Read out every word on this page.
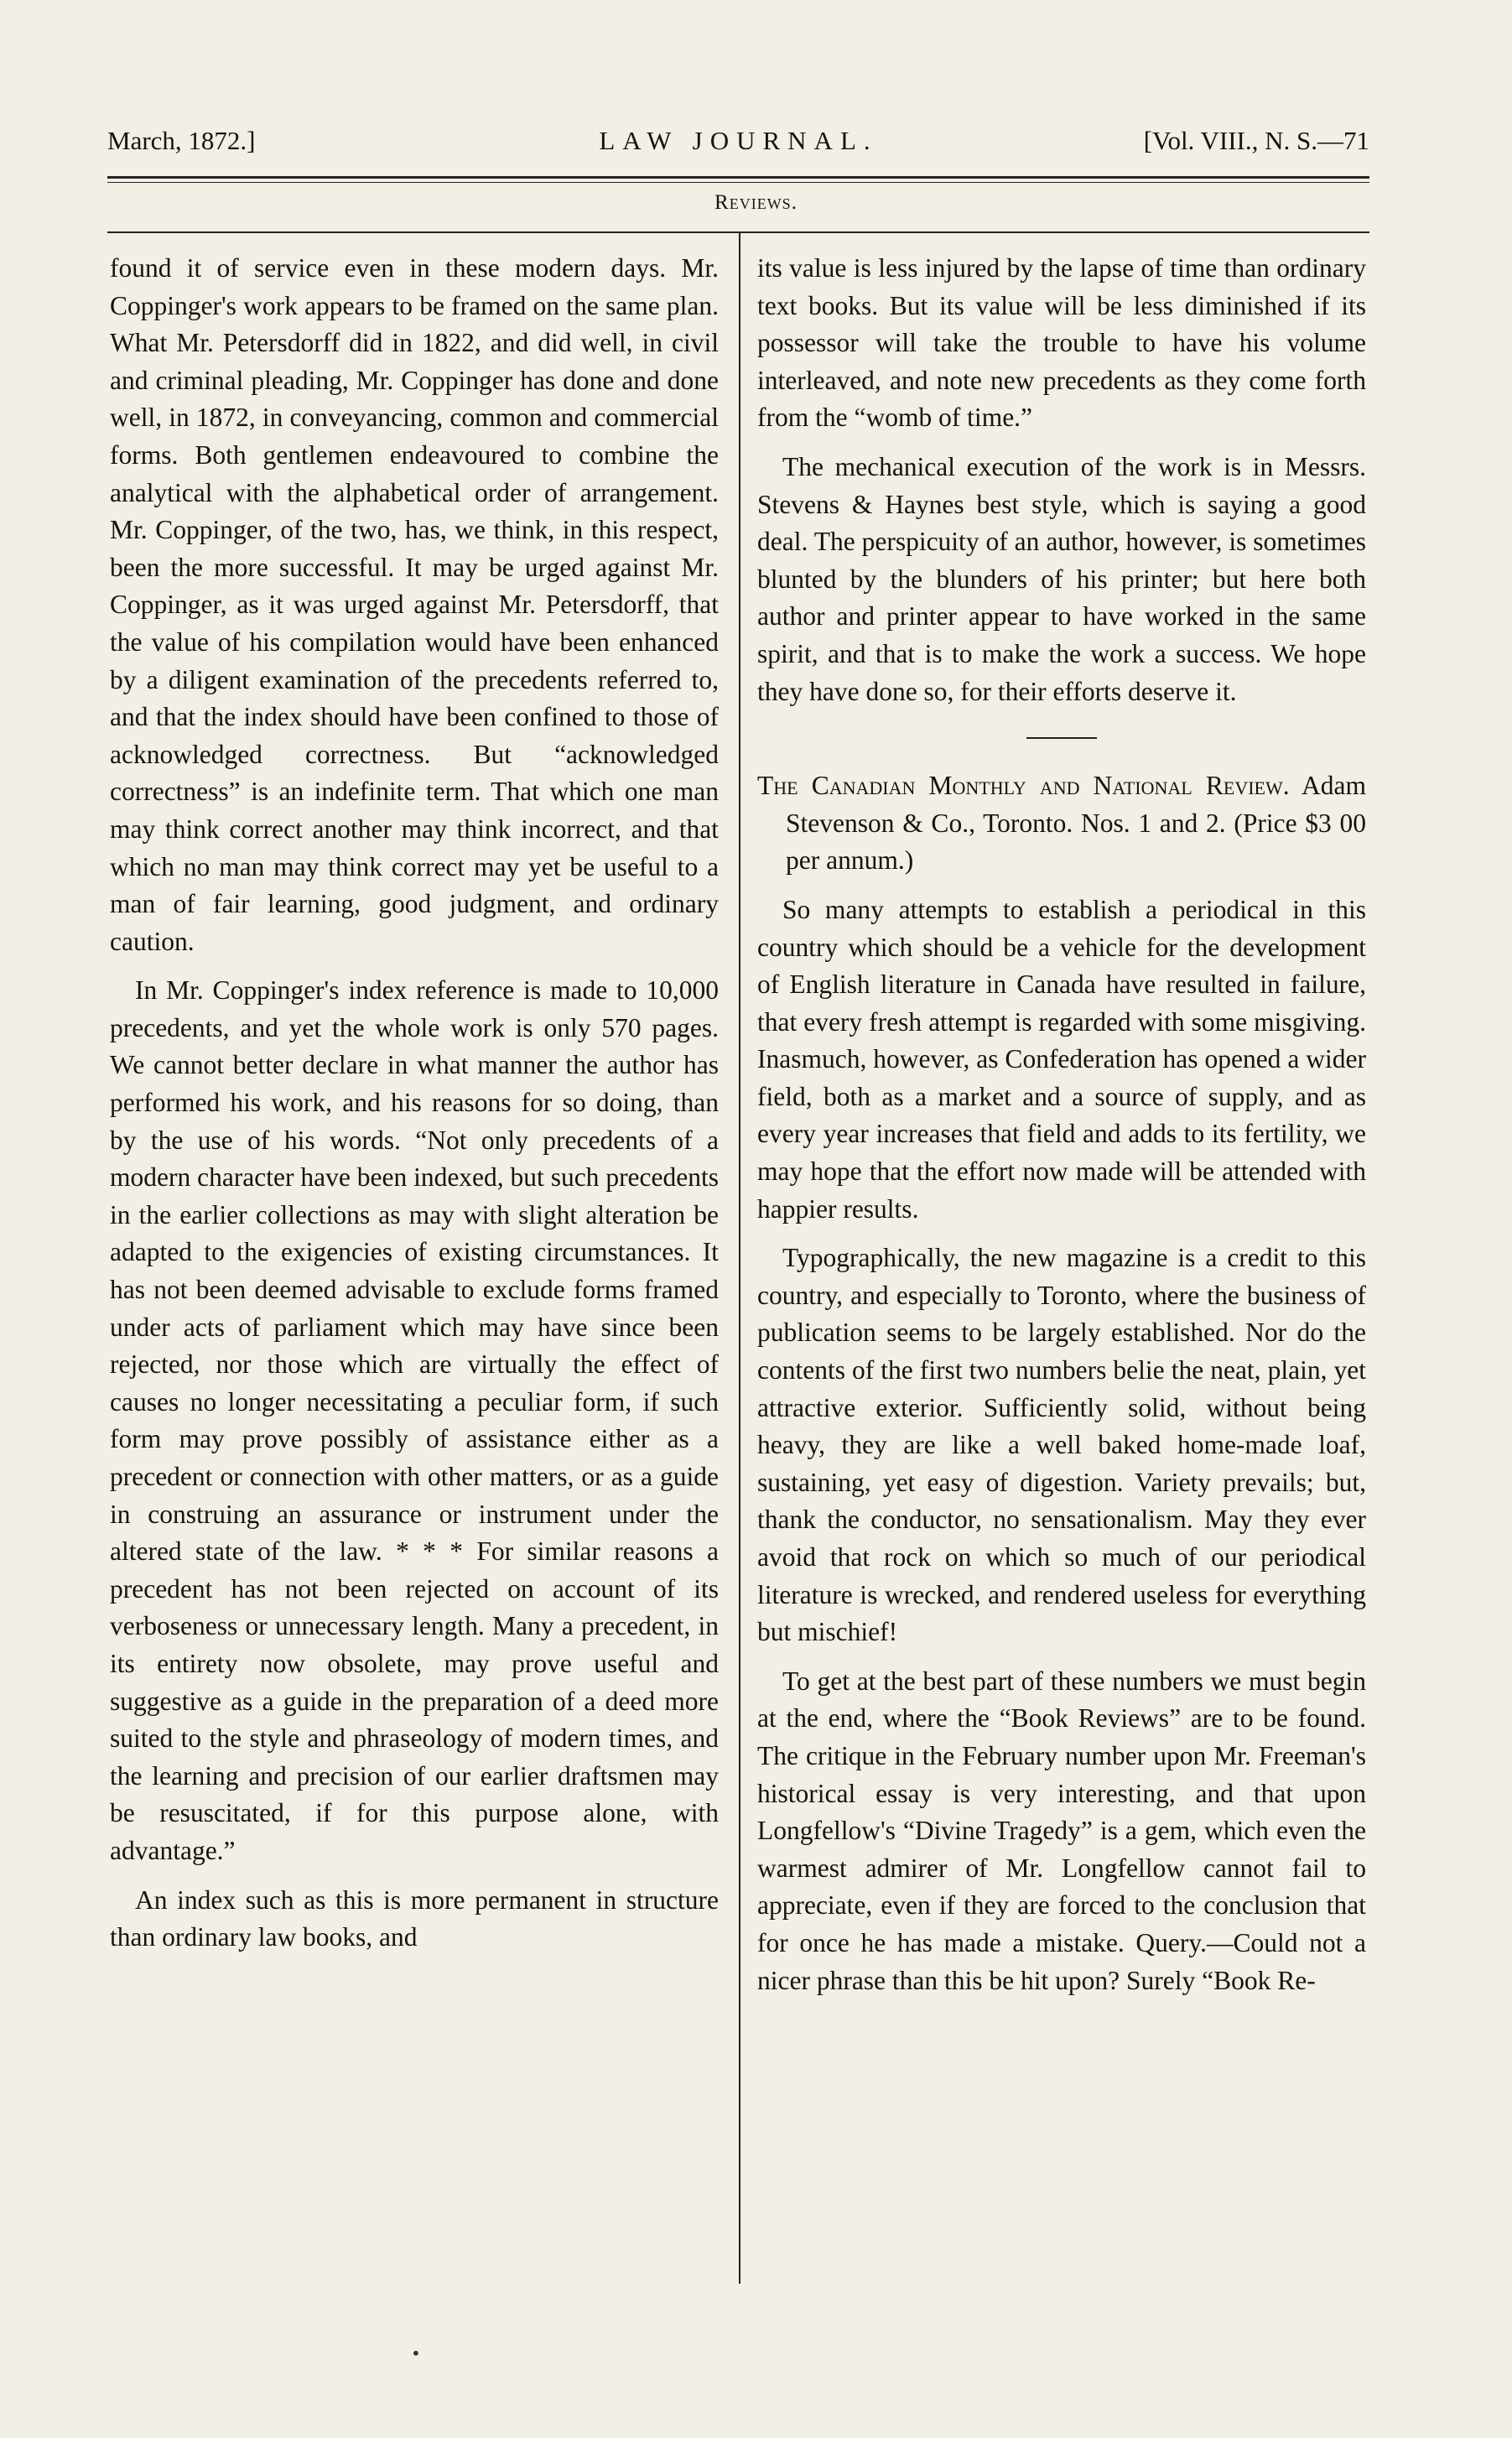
March, 1872.]	LAW JOURNAL.	[Vol. VIII., N. S.—71
Reviews.

found it of service even in these modern days. Mr. Coppinger's work appears to be framed on the same plan. What Mr. Petersdorff did in 1822, and did well, in civil and criminal pleading, Mr. Coppinger has done and done well, in 1872, in conveyancing, common and commercial forms. Both gentlemen endeavoured to combine the analytical with the alphabetical order of arrangement. Mr. Coppinger, of the two, has, we think, in this respect, been the more successful. It may be urged against Mr. Coppinger, as it was urged against Mr. Petersdorff, that the value of his compilation would have been enhanced by a diligent examination of the precedents referred to, and that the index should have been confined to those of acknowledged correctness. But “acknowledged correctness” is an indefinite term. That which one man may think correct another may think incorrect, and that which no man may think correct may yet be useful to a man of fair learning, good judgment, and ordinary caution.

In Mr. Coppinger's index reference is made to 10,000 precedents, and yet the whole work is only 570 pages. We cannot better declare in what manner the author has performed his work, and his reasons for so doing, than by the use of his words. “Not only precedents of a modern character have been indexed, but such precedents in the earlier collections as may with slight alteration be adapted to the exigencies of existing circumstances. It has not been deemed advisable to exclude forms framed under acts of parliament which may have since been rejected, nor those which are virtually the effect of causes no longer necessitating a peculiar form, if such form may prove possibly of assistance either as a precedent or connection with other matters, or as a guide in construing an assurance or instrument under the altered state of the law. * * * For similar reasons a precedent has not been rejected on account of its verboseness or unnecessary length. Many a precedent, in its entirety now obsolete, may prove useful and suggestive as a guide in the preparation of a deed more suited to the style and phraseology of modern times, and the learning and precision of our earlier draftsmen may be resuscitated, if for this purpose alone, with advantage.”

An index such as this is more permanent in structure than ordinary law books, and

its value is less injured by the lapse of time than ordinary text books. But its value will be less diminished if its possessor will take the trouble to have his volume interleaved, and note new precedents as they come forth from the “womb of time.”

The mechanical execution of the work is in Messrs. Stevens & Haynes best style, which is saying a good deal. The perspicuity of an author, however, is sometimes blunted by the blunders of his printer; but here both author and printer appear to have worked in the same spirit, and that is to make the work a success. We hope they have done so, for their efforts deserve it.

The Canadian Monthly and National Review. Adam Stevenson & Co., Toronto. Nos. 1 and 2. (Price $3 00 per annum.)

So many attempts to establish a periodical in this country which should be a vehicle for the development of English literature in Canada have resulted in failure, that every fresh attempt is regarded with some misgiving. Inasmuch, however, as Confederation has opened a wider field, both as a market and a source of supply, and as every year increases that field and adds to its fertility, we may hope that the effort now made will be attended with happier results.

Typographically, the new magazine is a credit to this country, and especially to Toronto, where the business of publication seems to be largely established. Nor do the contents of the first two numbers belie the neat, plain, yet attractive exterior. Sufficiently solid, without being heavy, they are like a well baked home-made loaf, sustaining, yet easy of digestion. Variety prevails; but, thank the conductor, no sensationalism. May they ever avoid that rock on which so much of our periodical literature is wrecked, and rendered useless for everything but mischief!

To get at the best part of these numbers we must begin at the end, where the “Book Reviews” are to be found. The critique in the February number upon Mr. Freeman's historical essay is very interesting, and that upon Longfellow's “Divine Tragedy” is a gem, which even the warmest admirer of Mr. Longfellow cannot fail to appreciate, even if they are forced to the conclusion that for once he has made a mistake. Query.—Could not a nicer phrase than this be hit upon? Surely “Book Re-

•
